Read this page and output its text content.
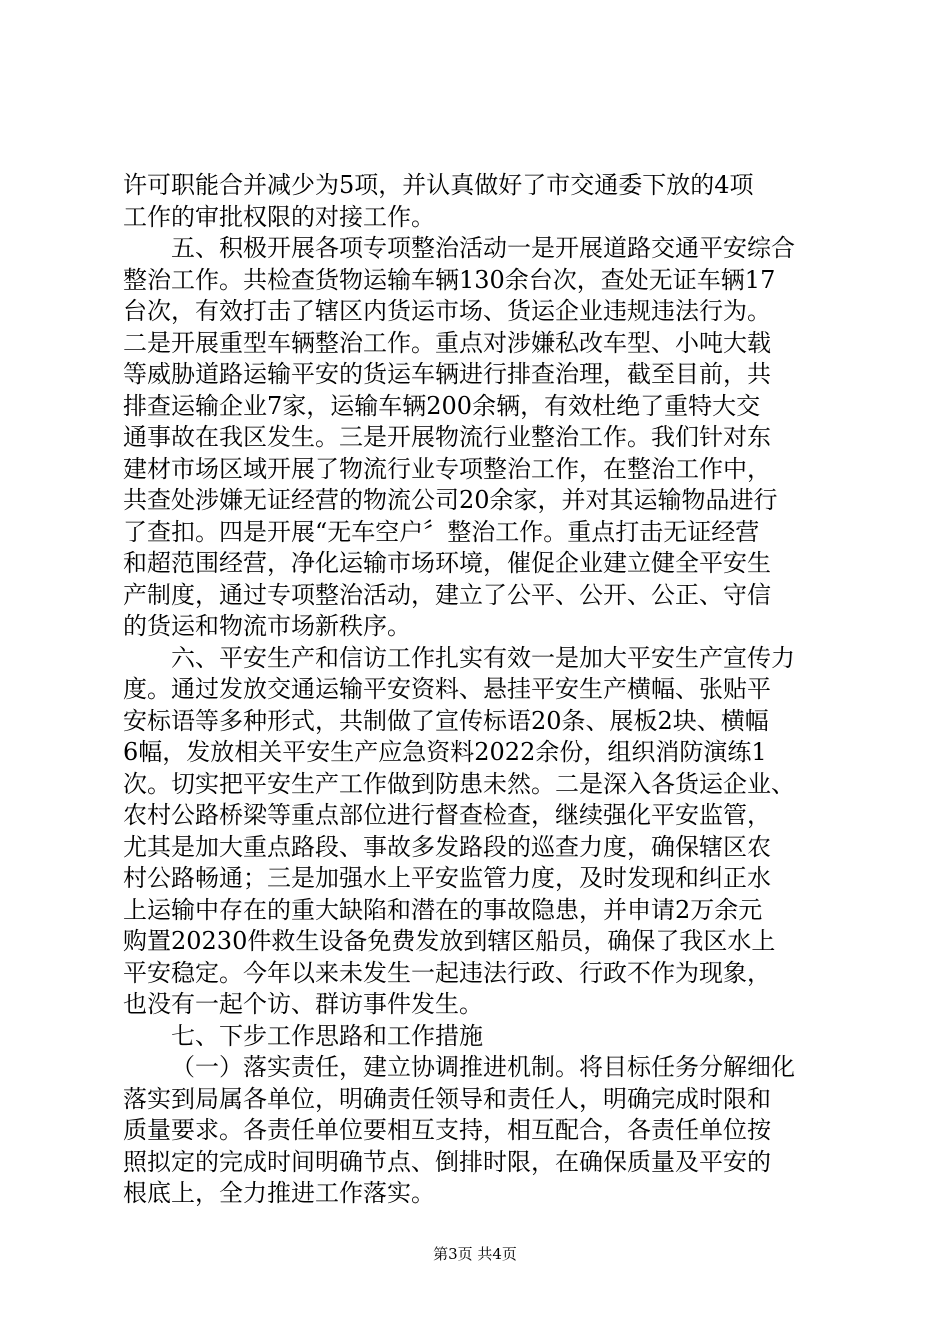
许可职能合并减少为5项，并认真做好了市交通委下放的4项
工作的审批权限的对接工作。
五、积极开展各项专项整治活动一是开展道路交通平安综合
整治工作。共检查货物运输车辆130余台次，查处无证车辆17
台次，有效打击了辖区内货运市场、货运企业违规违法行为。
二是开展重型车辆整治工作。重点对涉嫌私改车型、小吨大载
等威胁道路运输平安的货运车辆进行排查治理，截至目前，共
排查运输企业7家，运输车辆200余辆，有效杜绝了重特大交
通事故在我区发生。三是开展物流行业整治工作。我们针对东
建材市场区域开展了物流行业专项整治工作，在整治工作中，
共查处涉嫌无证经营的物流公司20余家，并对其运输物品进行
了查扣。四是开展“无车空户〞整治工作。重点打击无证经营
和超范围经营，净化运输市场环境，催促企业建立健全平安生
产制度，通过专项整治活动，建立了公平、公开、公正、守信
的货运和物流市场新秩序。
六、平安生产和信访工作扎实有效一是加大平安生产宣传力
度。通过发放交通运输平安资料、悬挂平安生产横幅、张贴平
安标语等多种形式，共制做了宣传标语20条、展板2块、横幅
6幅，发放相关平安生产应急资料2022余份，组织消防演练1
次。切实把平安生产工作做到防患未然。二是深入各货运企业、
农村公路桥梁等重点部位进行督查检查，继续强化平安监管，
尤其是加大重点路段、事故多发路段的巡查力度，确保辖区农
村公路畅通；三是加强水上平安监管力度，及时发现和纠正水
上运输中存在的重大缺陷和潜在的事故隐患，并申请2万余元
购置20230件救生设备免费发放到辖区船员，确保了我区水上
平安稳定。今年以来未发生一起违法行政、行政不作为现象，
也没有一起个访、群访事件发生。
七、下步工作思路和工作措施
（一）落实责任，建立协调推进机制。将目标任务分解细化
落实到局属各单位，明确责任领导和责任人，明确完成时限和
质量要求。各责任单位要相互支持，相互配合，各责任单位按
照拟定的完成时间明确节点、倒排时限，在确保质量及平安的
根底上，全力推进工作落实。
第3页 共4页
